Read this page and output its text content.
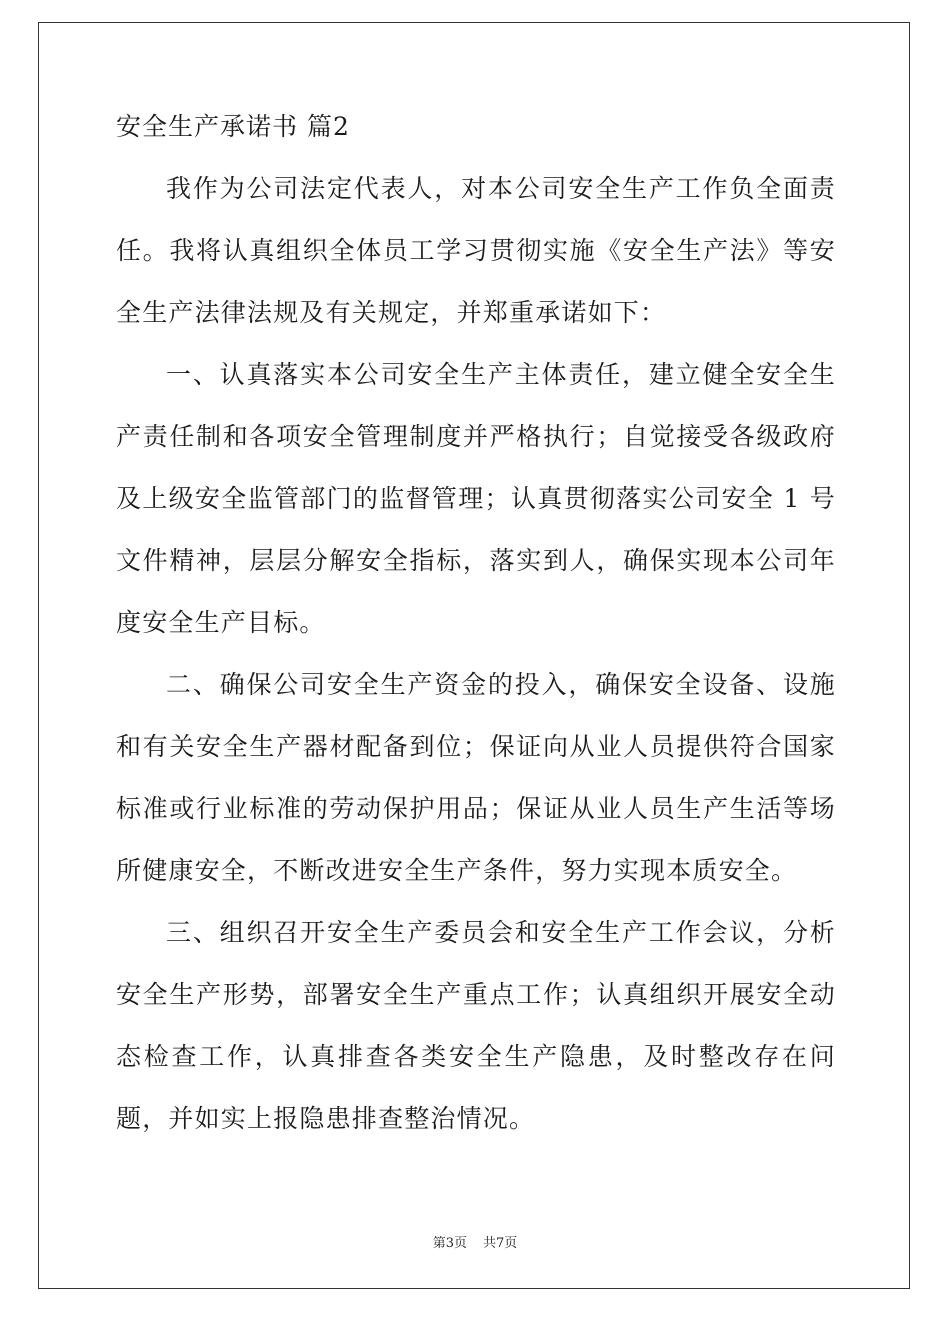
安全生产承诺书 篇2

我作为公司法定代表人，对本公司安全生产工作负全面责任。我将认真组织全体员工学习贯彻实施《安全生产法》等安全生产法律法规及有关规定，并郑重承诺如下：

一、认真落实本公司安全生产主体责任，建立健全安全生产责任制和各项安全管理制度并严格执行；自觉接受各级政府及上级安全监管部门的监督管理；认真贯彻落实公司安全 1 号文件精神，层层分解安全指标，落实到人，确保实现本公司年度安全生产目标。

二、确保公司安全生产资金的投入，确保安全设备、设施和有关安全生产器材配备到位；保证向从业人员提供符合国家标准或行业标准的劳动保护用品；保证从业人员生产生活等场所健康安全，不断改进安全生产条件，努力实现本质安全。

三、组织召开安全生产委员会和安全生产工作会议，分析安全生产形势，部署安全生产重点工作；认真组织开展安全动态检查工作，认真排查各类安全生产隐患，及时整改存在问题，并如实上报隐患排查整治情况。

第3页 共7页
